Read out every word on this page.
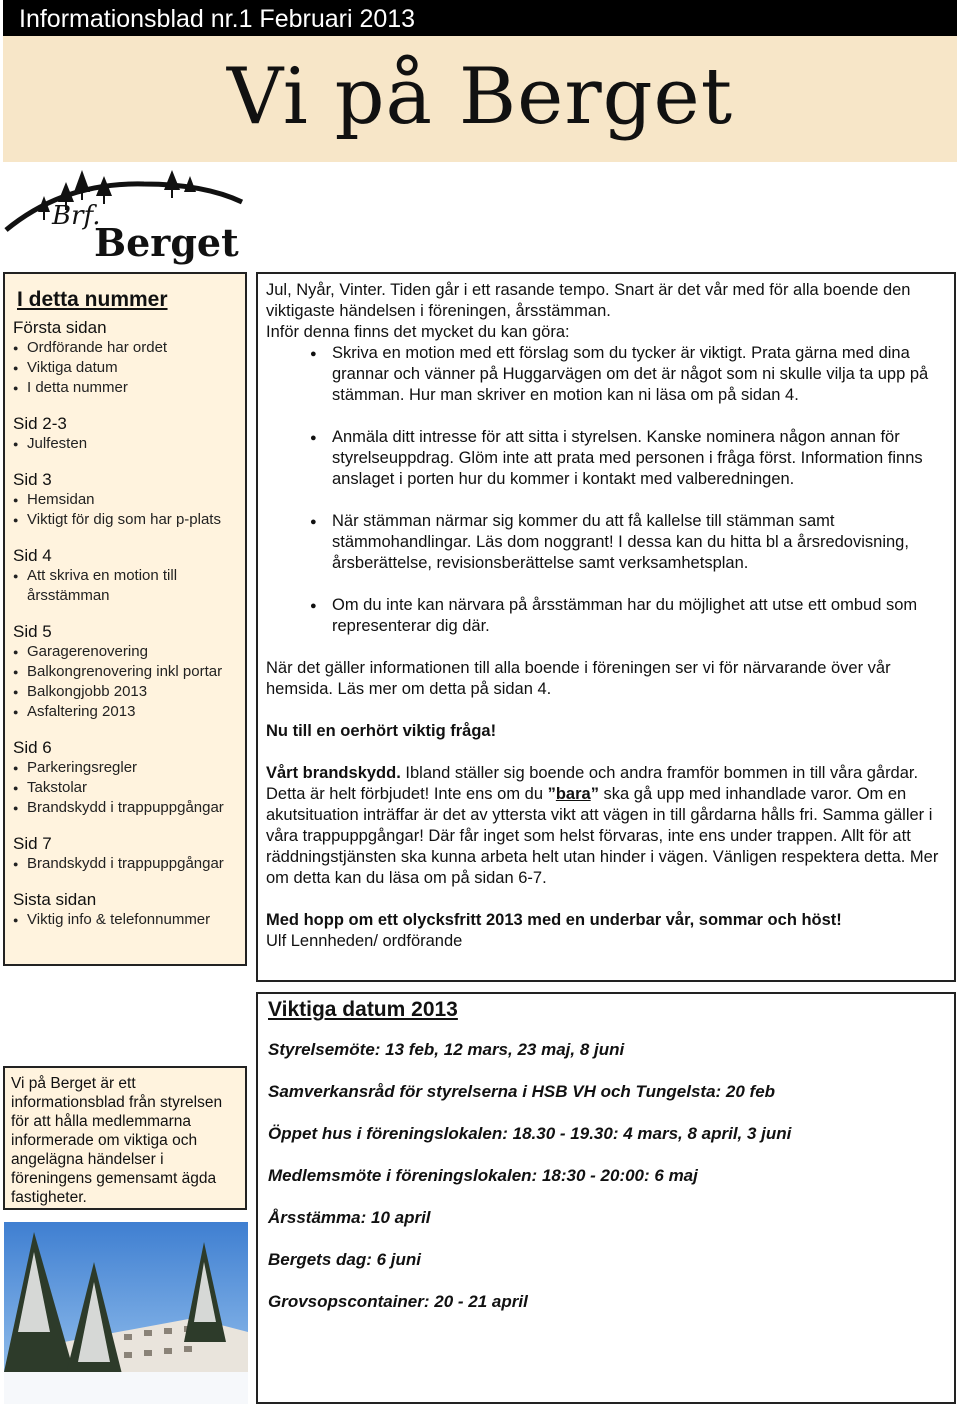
Informationsblad nr.1 Februari 2013
Vi på Berget
Brf.
Berget
I detta nummer
Första sidan
● Ordförande har ordet
● Viktiga datum
● I detta nummer
Sid 2-3
● Julfesten
Sid 3
● Hemsidan
● Viktigt för dig som har p-plats
Sid 4
● Att skriva en motion till årsstämman
Sid 5
● Garagerenovering
● Balkongrenovering inkl portar
● Balkongjobb 2013
● Asfaltering 2013
Sid 6
● Parkeringsregler
● Takstolar
● Brandskydd i trappuppgångar
Sid 7
● Brandskydd i trappuppgångar
Sista sidan
● Viktig info & telefonnummer
Vi på Berget är ett informationsblad från styrelsen för att hålla medlemmarna informerade om viktiga och angelägna händelser i föreningens gemensamt ägda fastigheter.

Jul, Nyår, Vinter. Tiden går i ett rasande tempo. Snart är det vår med för alla boende den viktigaste händelsen i föreningen, årsstämman.

Inför denna finns det mycket du kan göra:

● Skriva en motion med ett förslag som du tycker är viktigt. Prata gärna med dina grannar och vänner på Huggarvägen om det är något som ni skulle vilja ta upp på stämman. Hur man skriver en motion kan ni läsa om på sidan 4.
● Anmäla ditt intresse för att sitta i styrelsen. Kanske nominera någon annan för styrelseuppdrag. Glöm inte att prata med personen i fråga först. Information finns anslaget i porten hur du kommer i kontakt med valberedningen.
● När stämman närmar sig kommer du att få kallelse till stämman samt stämmohandlingar. Läs dom noggrant! I dessa kan du hitta bl a årsredovisning, årsberättelse, revisionsberättelse samt verksamhetsplan.
● Om du inte kan närvara på årsstämman har du möjlighet att utse ett ombud som representerar dig där.

När det gäller informationen till alla boende i föreningen ser vi för närvarande över vår hemsida. Läs mer om detta på sidan 4.

Nu till en oerhört viktig fråga!

Vårt brandskydd. Ibland ställer sig boende och andra framför bommen in till våra gårdar. Detta är helt förbjudet! Inte ens om du ”bara” ska gå upp med inhandlade varor. Om en akutsituation inträffar är det av yttersta vikt att vägen in till gårdarna hålls fri. Samma gäller i våra trappuppgångar! Där får inget som helst förvaras, inte ens under trappen. Allt för att räddningstjänsten ska kunna arbeta helt utan hinder i vägen. Vänligen respektera detta. Mer om detta kan du läsa om på sidan 6-7.

Med hopp om ett olycksfritt 2013 med en underbar vår, sommar och höst!

Ulf Lennheden/ ordförande

Viktiga datum 2013
Styrelsemöte: 13 feb, 12 mars, 23 maj, 8 juni
Samverkansråd för styrelserna i HSB VH och Tungelsta: 20 feb
Öppet hus i föreningslokalen: 18.30 - 19.30: 4 mars, 8 april, 3 juni
Medlemsmöte i föreningslokalen: 18:30 - 20:00: 6 maj
Årsstämma: 10 april
Bergets dag: 6 juni
Grovsopscontainer: 20 - 21 april
